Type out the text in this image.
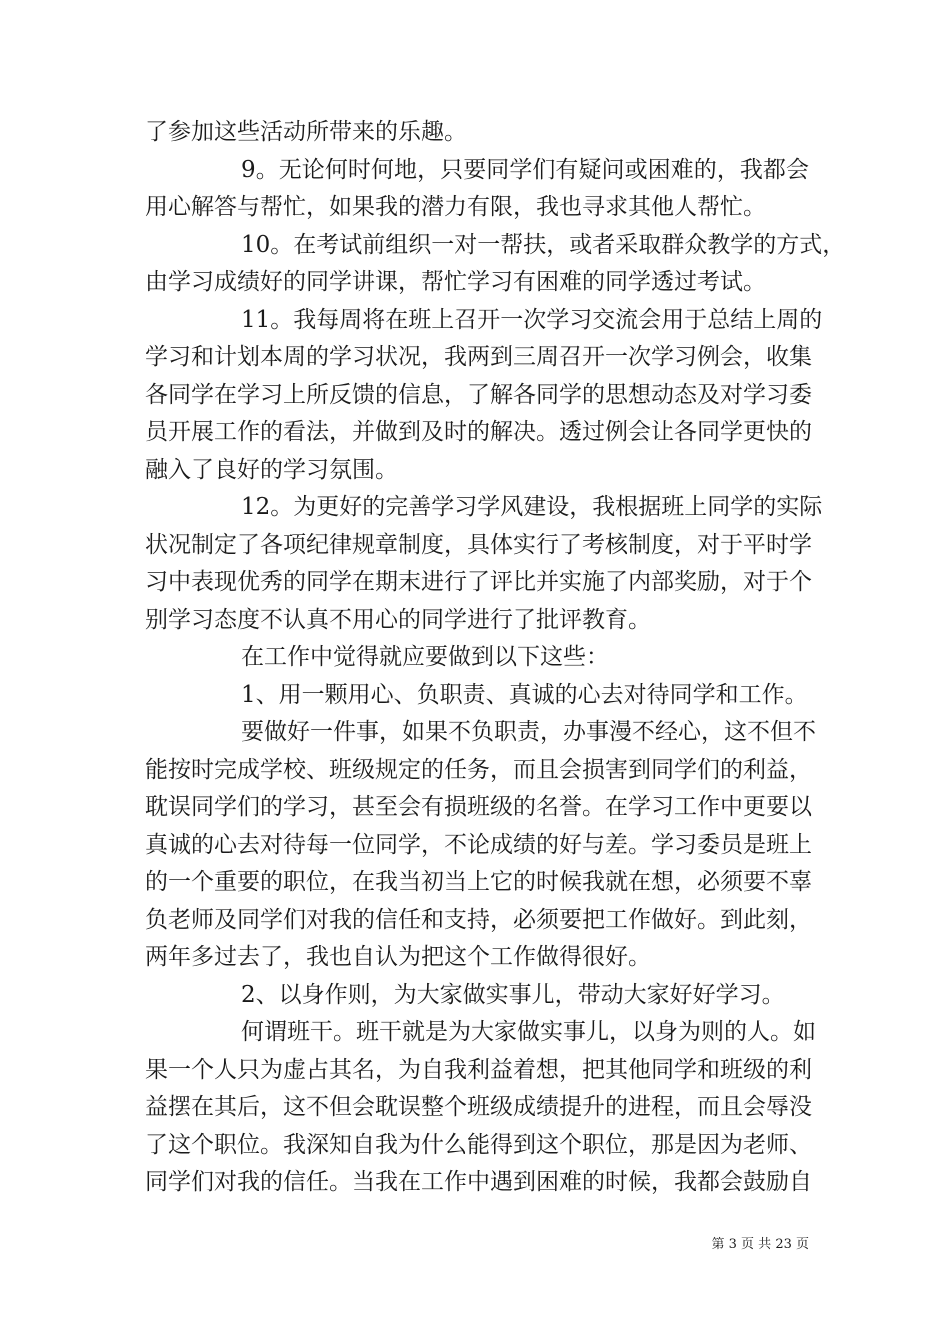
了参加这些活动所带来的乐趣。
9。无论何时何地，只要同学们有疑问或困难的，我都会
用心解答与帮忙，如果我的潜力有限，我也寻求其他人帮忙。
10。在考试前组织一对一帮扶，或者采取群众教学的方式，
由学习成绩好的同学讲课，帮忙学习有困难的同学透过考试。
11。我每周将在班上召开一次学习交流会用于总结上周的
学习和计划本周的学习状况，我两到三周召开一次学习例会，收集
各同学在学习上所反馈的信息，了解各同学的思想动态及对学习委
员开展工作的看法，并做到及时的解决。透过例会让各同学更快的
融入了良好的学习氛围。
12。为更好的完善学习学风建设，我根据班上同学的实际
状况制定了各项纪律规章制度，具体实行了考核制度，对于平时学
习中表现优秀的同学在期末进行了评比并实施了内部奖励，对于个
别学习态度不认真不用心的同学进行了批评教育。
在工作中觉得就应要做到以下这些：
1、用一颗用心、负职责、真诚的心去对待同学和工作。
要做好一件事，如果不负职责，办事漫不经心，这不但不
能按时完成学校、班级规定的任务，而且会损害到同学们的利益，
耽误同学们的学习，甚至会有损班级的名誉。在学习工作中更要以
真诚的心去对待每一位同学，不论成绩的好与差。学习委员是班上
的一个重要的职位，在我当初当上它的时候我就在想，必须要不辜
负老师及同学们对我的信任和支持，必须要把工作做好。到此刻，
两年多过去了，我也自认为把这个工作做得很好。
2、以身作则，为大家做实事儿，带动大家好好学习。
何谓班干。班干就是为大家做实事儿，以身为则的人。如
果一个人只为虚占其名，为自我利益着想，把其他同学和班级的利
益摆在其后，这不但会耽误整个班级成绩提升的进程，而且会辱没
了这个职位。我深知自我为什么能得到这个职位，那是因为老师、
同学们对我的信任。当我在工作中遇到困难的时候，我都会鼓励自
第 3 页 共 23 页
